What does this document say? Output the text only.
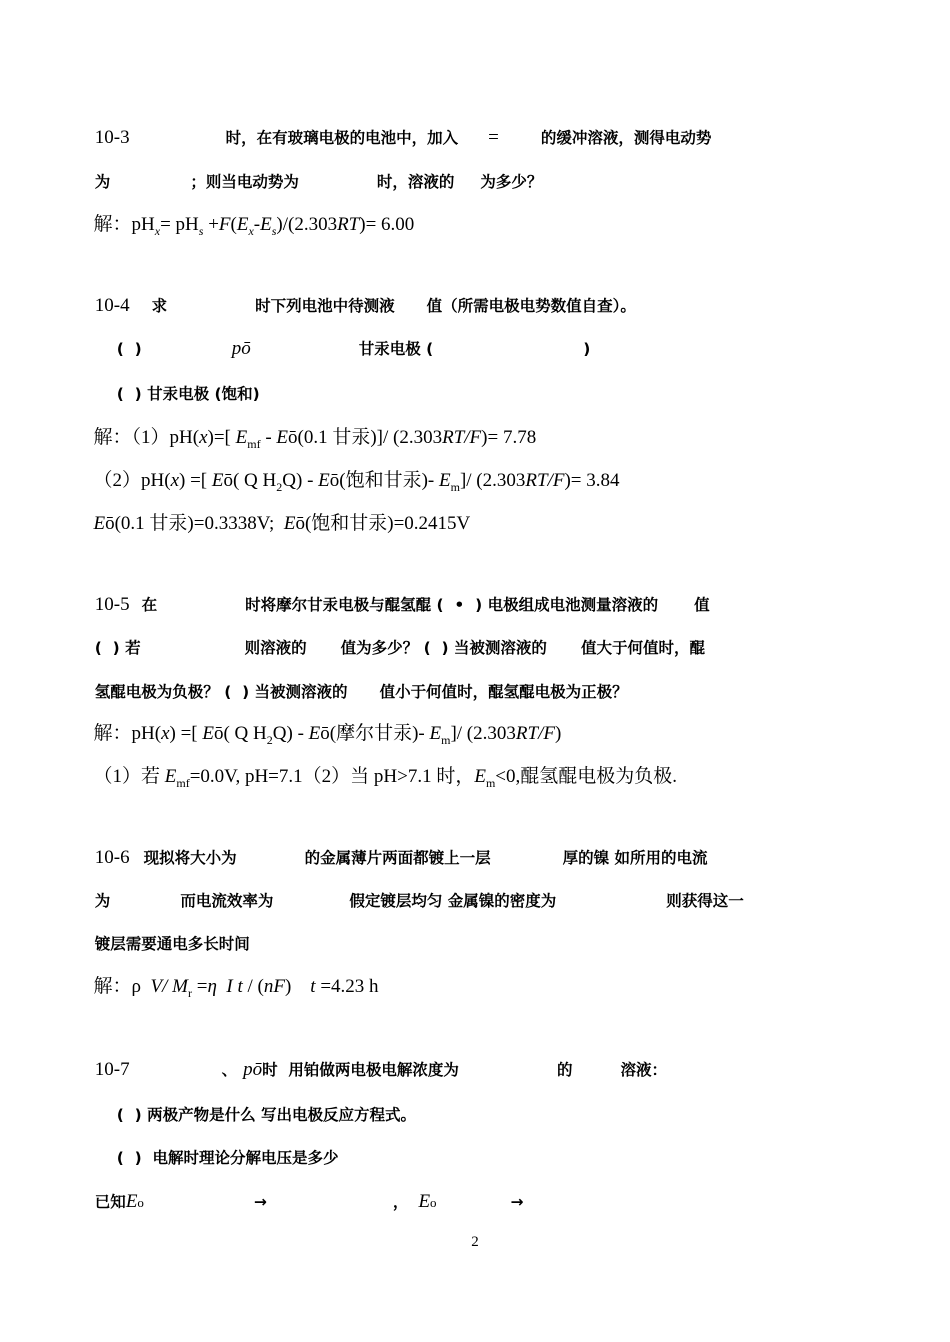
10-3	时，在有玻璃电极的电池中，加入 =	的缓冲溶液，测得电动势

为	；则当电动势为	时，溶液的 为多少？

解：$pH_x= pH_s +F(E_x-E_s)/(2.303RT)= 6.00$

10-4 求	时下列电池中待测液 值（所需电极电势数值自查）。

(  )	pō	甘汞电极 (	)

(  ) 甘汞电极 (饱和)

解：（1）pH(x)=[ $E_{mf}$ - Eō(0.1 甘汞)]/ (2.303RT/F)= 7.78

（2）pH(x) =[ Eō( Q $H_2Q$) - Eō(饱和甘汞)- $E_m]/$ (2.303RT/F)= 3.84

Eō(0.1 甘汞)=0.3338V;  Eō(饱和甘汞)=0.2415V

10-5 在	时将摩尔甘汞电极与醌氢醌 (  •  ) 电极组成电池测量溶液的 值

(  ) 若	则溶液的 值为多少？ (  ) 当被测溶液的 值大于何值时，醌

氢醌电极为负极？ (  ) 当被测溶液的 值小于何值时，醌氢醌电极为正极？

解：pH(x) =[ Eō( Q $H_2Q$) - Eō(摩尔甘汞)- $E_m]/$ (2.303RT/F)

（1）若 $E_{mf}=0.0V$, pH=7.1（2）当 pH>7.1 时，$E_m<0$,醌氢醌电极为负极.

10-6 现拟将大小为	的金属薄片两面都镀上一层	厚的镍 如所用的电流

为	而电流效率为	假定镀层均匀 金属镍的密度为	则获得这一

镀层需要通电多长时间

解：ρ  V/ $M_r =\eta$  I t / (nF)    t =4.23 h

10-7	、 pō时  用铂做两电极电解浓度为	的	溶液：

(  ) 两极产物是什么 写出电极反应方程式。

(  )  电解时理论分解电压是多少

已知Eo	→	， Eo	→

2
